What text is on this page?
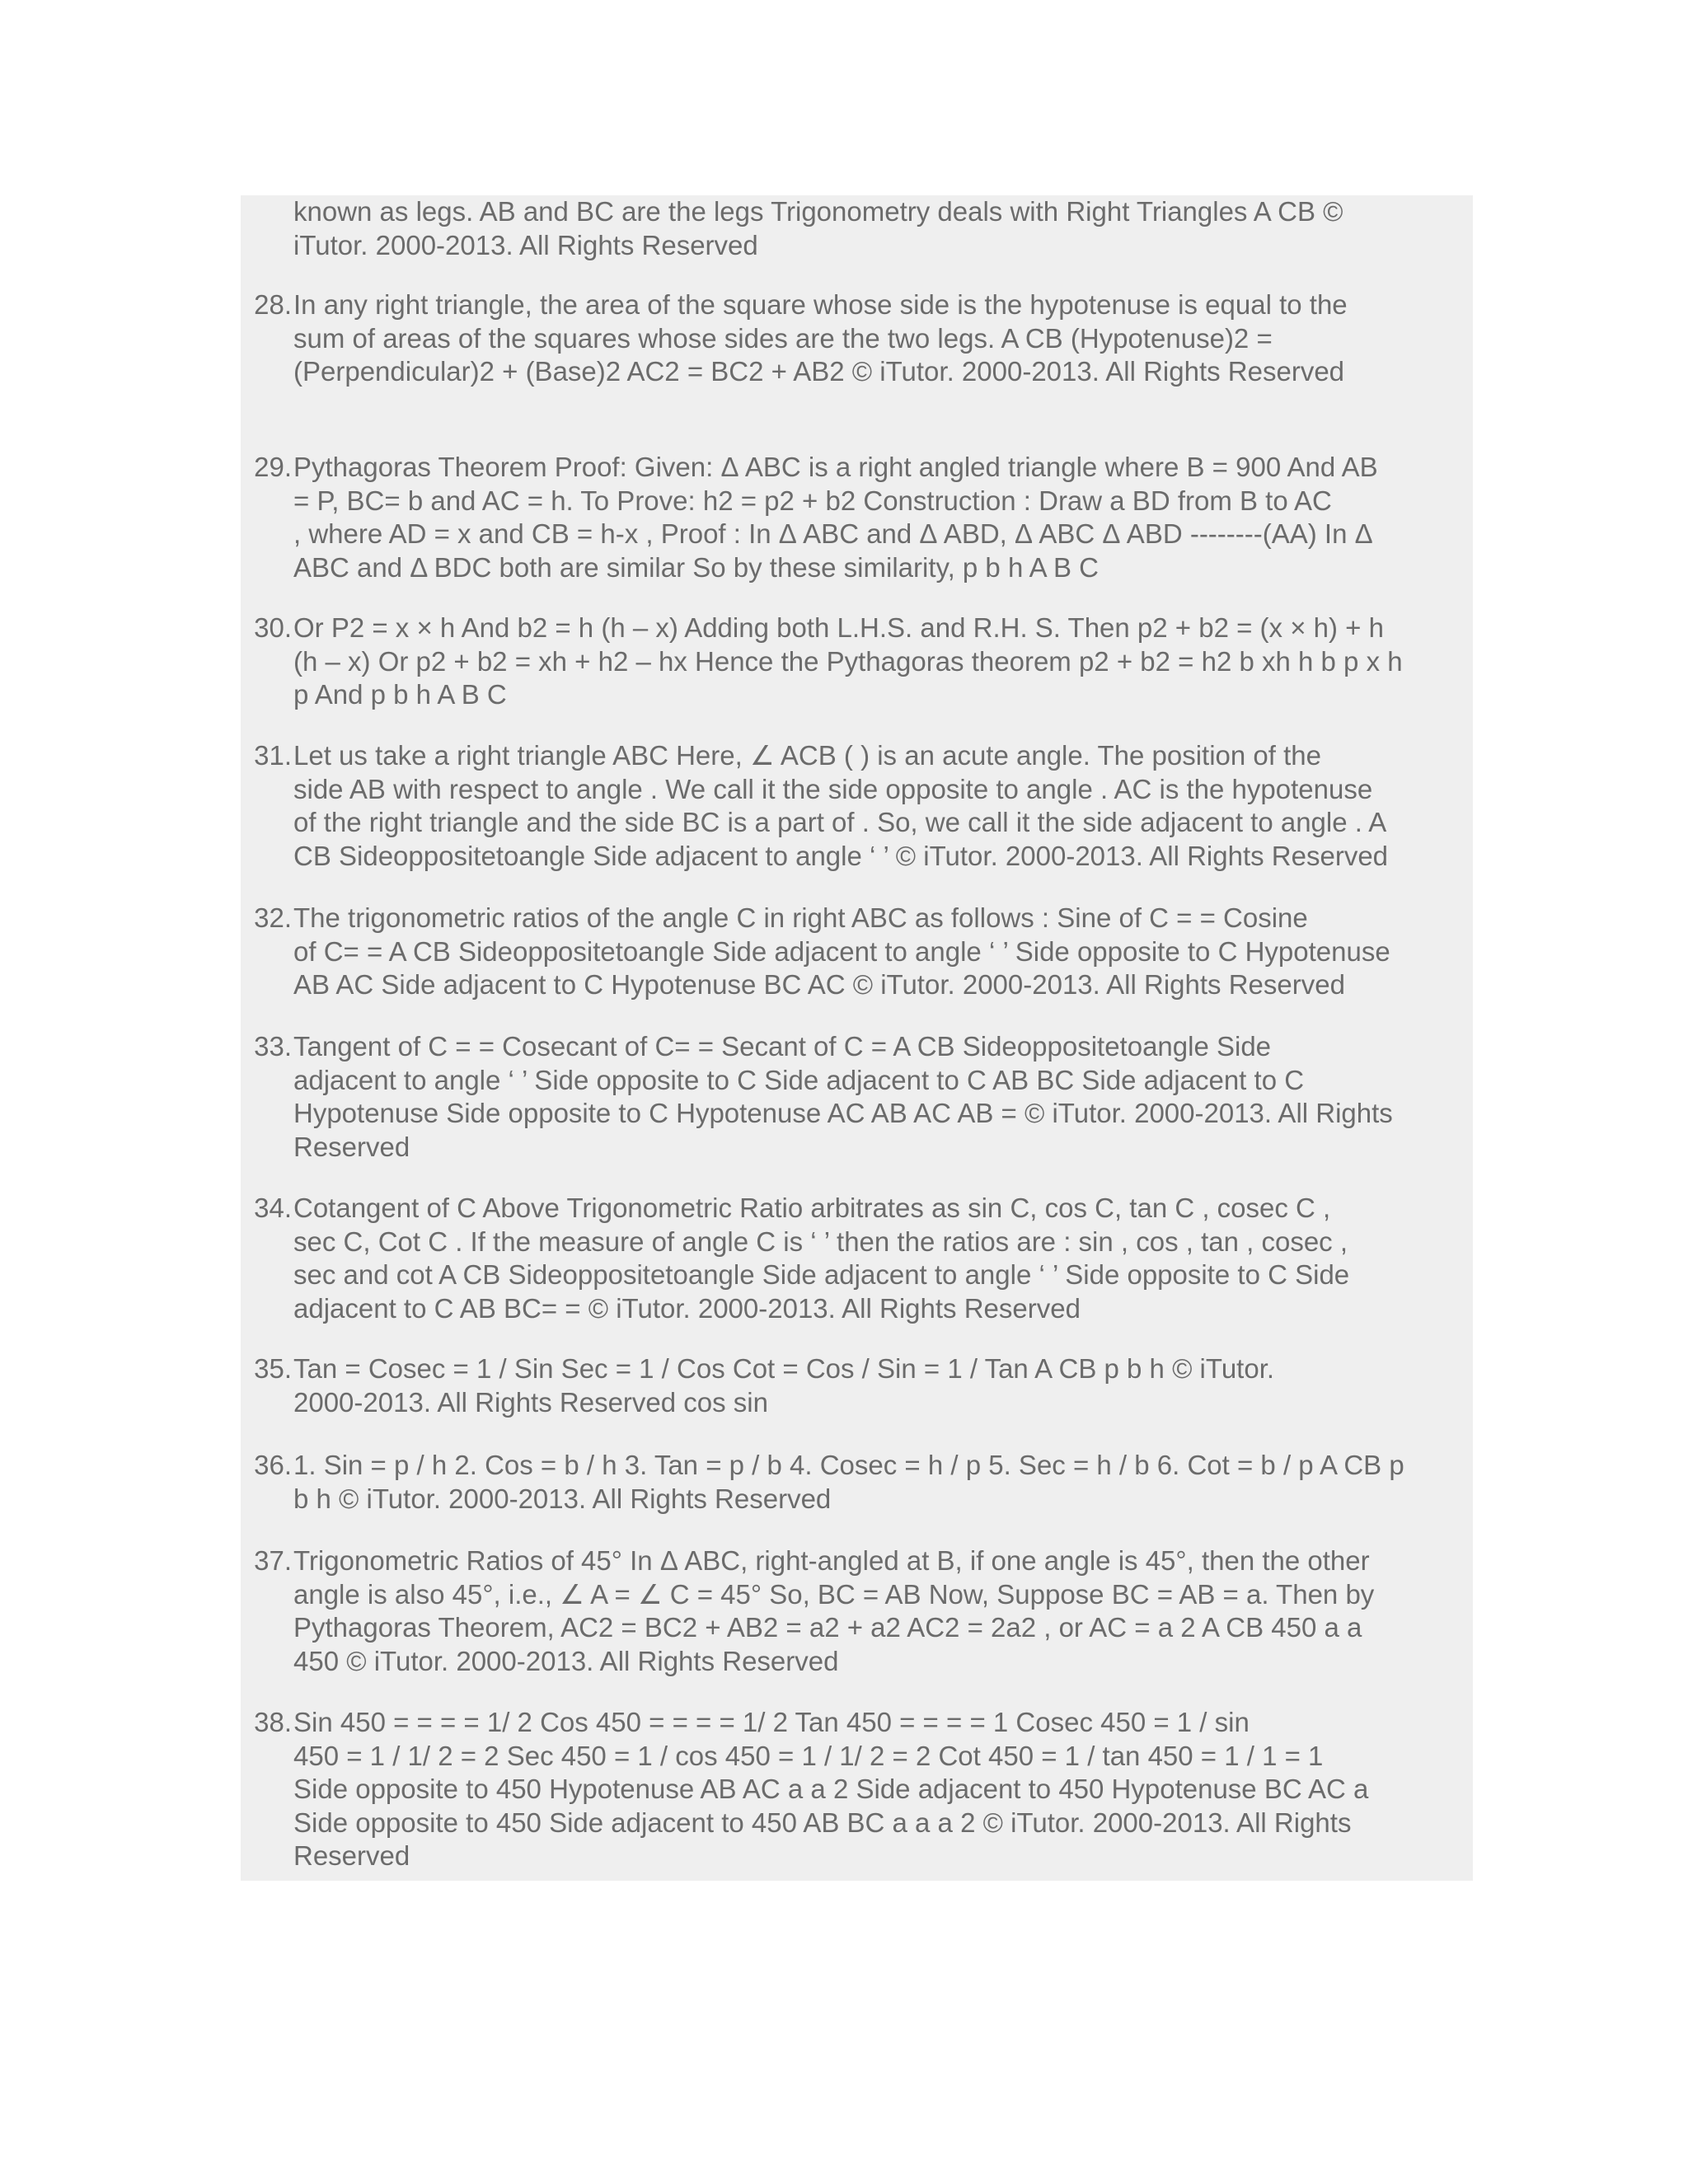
known as legs. AB and BC are the legs Trigonometry deals with Right Triangles A CB ©
iTutor. 2000-2013. All Rights Reserved
28. In any right triangle, the area of the square whose side is the hypotenuse is equal to the
sum of areas of the squares whose sides are the two legs. A CB (Hypotenuse)2 =
(Perpendicular)2 + (Base)2 AC2 = BC2 + AB2 © iTutor. 2000-2013. All Rights Reserved
29. Pythagoras Theorem Proof: Given: Δ ABC is a right angled triangle where B = 900 And AB
= P, BC= b and AC = h. To Prove: h2 = p2 + b2 Construction : Draw a BD from B to AC
, where AD = x and CB = h-x , Proof : In Δ ABC and Δ ABD, Δ ABC Δ ABD --------(AA) In Δ
ABC and Δ BDC both are similar So by these similarity, p b h A B C
30. Or P2 = x × h And b2 = h (h – x) Adding both L.H.S. and R.H. S. Then p2 + b2 = (x × h) + h
(h – x) Or p2 + b2 = xh + h2 – hx Hence the Pythagoras theorem p2 + b2 = h2 b xh h b p x h
p And p b h A B C
31. Let us take a right triangle ABC Here, ∠ ACB ( ) is an acute angle. The position of the
side AB with respect to angle . We call it the side opposite to angle . AC is the hypotenuse
of the right triangle and the side BC is a part of . So, we call it the side adjacent to angle . A
CB Sideoppositetoangle Side adjacent to angle ‘ ’ © iTutor. 2000-2013. All Rights Reserved
32. The trigonometric ratios of the angle C in right ABC as follows : Sine of C = = Cosine
of C= = A CB Sideoppositetoangle Side adjacent to angle ‘ ’ Side opposite to C Hypotenuse
AB AC Side adjacent to C Hypotenuse BC AC © iTutor. 2000-2013. All Rights Reserved
33. Tangent of C = = Cosecant of C= = Secant of C = A CB Sideoppositetoangle Side
adjacent to angle ‘ ’ Side opposite to C Side adjacent to C AB BC Side adjacent to C
Hypotenuse Side opposite to C Hypotenuse AC AB AC AB = © iTutor. 2000-2013. All Rights
Reserved
34. Cotangent of C Above Trigonometric Ratio arbitrates as sin C, cos C, tan C , cosec C ,
sec C, Cot C . If the measure of angle C is ‘ ’ then the ratios are : sin , cos , tan , cosec ,
sec and cot A CB Sideoppositetoangle Side adjacent to angle ‘ ’ Side opposite to C Side
adjacent to C AB BC= = © iTutor. 2000-2013. All Rights Reserved
35. Tan = Cosec = 1 / Sin Sec = 1 / Cos Cot = Cos / Sin = 1 / Tan A CB p b h © iTutor.
2000-2013. All Rights Reserved cos sin
36. 1. Sin = p / h 2. Cos = b / h 3. Tan = p / b 4. Cosec = h / p 5. Sec = h / b 6. Cot = b / p A CB p
b h © iTutor. 2000-2013. All Rights Reserved
37. Trigonometric Ratios of 45° In Δ ABC, right-angled at B, if one angle is 45°, then the other
angle is also 45°, i.e., ∠ A = ∠ C = 45° So, BC = AB Now, Suppose BC = AB = a. Then by
Pythagoras Theorem, AC2 = BC2 + AB2 = a2 + a2 AC2 = 2a2 , or AC = a 2 A CB 450 a a
450 © iTutor. 2000-2013. All Rights Reserved
38. Sin 450 = = = = 1/ 2 Cos 450 = = = = 1/ 2 Tan 450 = = = = 1 Cosec 450 = 1 / sin
450 = 1 / 1/ 2 = 2 Sec 450 = 1 / cos 450 = 1 / 1/ 2 = 2 Cot 450 = 1 / tan 450 = 1 / 1 = 1
Side opposite to 450 Hypotenuse AB AC a a 2 Side adjacent to 450 Hypotenuse BC AC a
Side opposite to 450 Side adjacent to 450 AB BC a a a 2 © iTutor. 2000-2013. All Rights
Reserved
